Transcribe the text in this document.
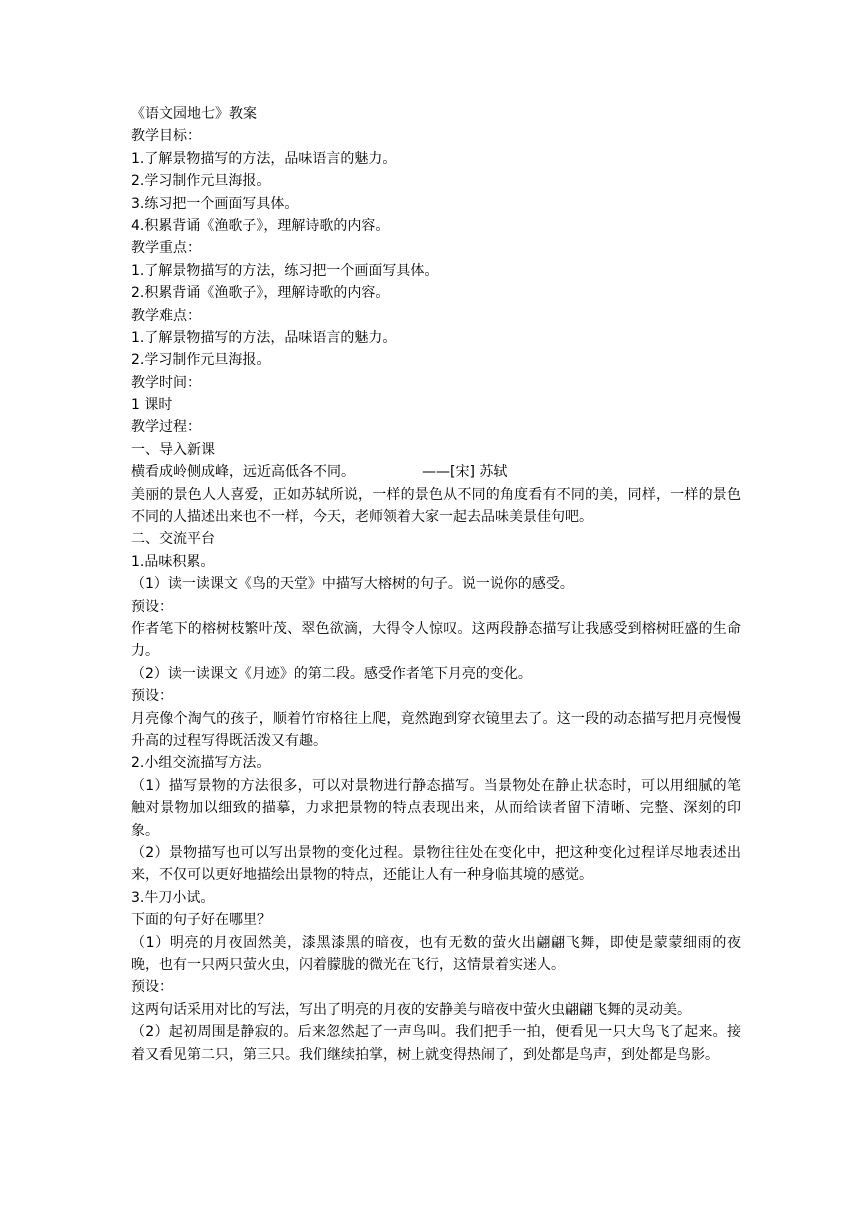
《语文园地七》教案
教学目标：
1.了解景物描写的方法，品味语言的魅力。
2.学习制作元旦海报。
3.练习把一个画面写具体。
4.积累背诵《渔歌子》，理解诗歌的内容。
教学重点：
1.了解景物描写的方法，练习把一个画面写具体。
2.积累背诵《渔歌子》，理解诗歌的内容。
教学难点：
1.了解景物描写的方法，品味语言的魅力。
2.学习制作元旦海报。
教学时间：
1 课时
教学过程：
一、导入新课
横看成岭侧成峰，远近高低各不同。	——[宋] 苏轼
美丽的景色人人喜爱，正如苏轼所说，一样的景色从不同的角度看有不同的美，同样，一样的景色不同的人描述出来也不一样，今天，老师领着大家一起去品味美景佳句吧。
二、交流平台
1.品味积累。
（1）读一读课文《鸟的天堂》中描写大榕树的句子。说一说你的感受。
预设：
作者笔下的榕树枝繁叶茂、翠色欲滴，大得令人惊叹。这两段静态描写让我感受到榕树旺盛的生命力。
（2）读一读课文《月迹》的第二段。感受作者笔下月亮的变化。
预设：
月亮像个淘气的孩子，顺着竹帘格往上爬，竟然跑到穿衣镜里去了。这一段的动态描写把月亮慢慢升高的过程写得既活泼又有趣。
2.小组交流描写方法。
（1）描写景物的方法很多，可以对景物进行静态描写。当景物处在静止状态时，可以用细腻的笔触对景物加以细致的描摹，力求把景物的特点表现出来，从而给读者留下清晰、完整、深刻的印象。
（2）景物描写也可以写出景物的变化过程。景物往往处在变化中，把这种变化过程详尽地表述出来，不仅可以更好地描绘出景物的特点，还能让人有一种身临其境的感觉。
3.牛刀小试。
下面的句子好在哪里？
（1）明亮的月夜固然美，漆黑漆黑的暗夜，也有无数的萤火出翩翩飞舞，即使是蒙蒙细雨的夜晚，也有一只两只萤火虫，闪着朦胧的微光在飞行，这情景着实迷人。
预设：
这两句话采用对比的写法，写出了明亮的月夜的安静美与暗夜中萤火虫翩翩飞舞的灵动美。
（2）起初周围是静寂的。后来忽然起了一声鸟叫。我们把手一拍，便看见一只大鸟飞了起来。接着又看见第二只，第三只。我们继续拍掌，树上就变得热闹了，到处都是鸟声，到处都是鸟影。
